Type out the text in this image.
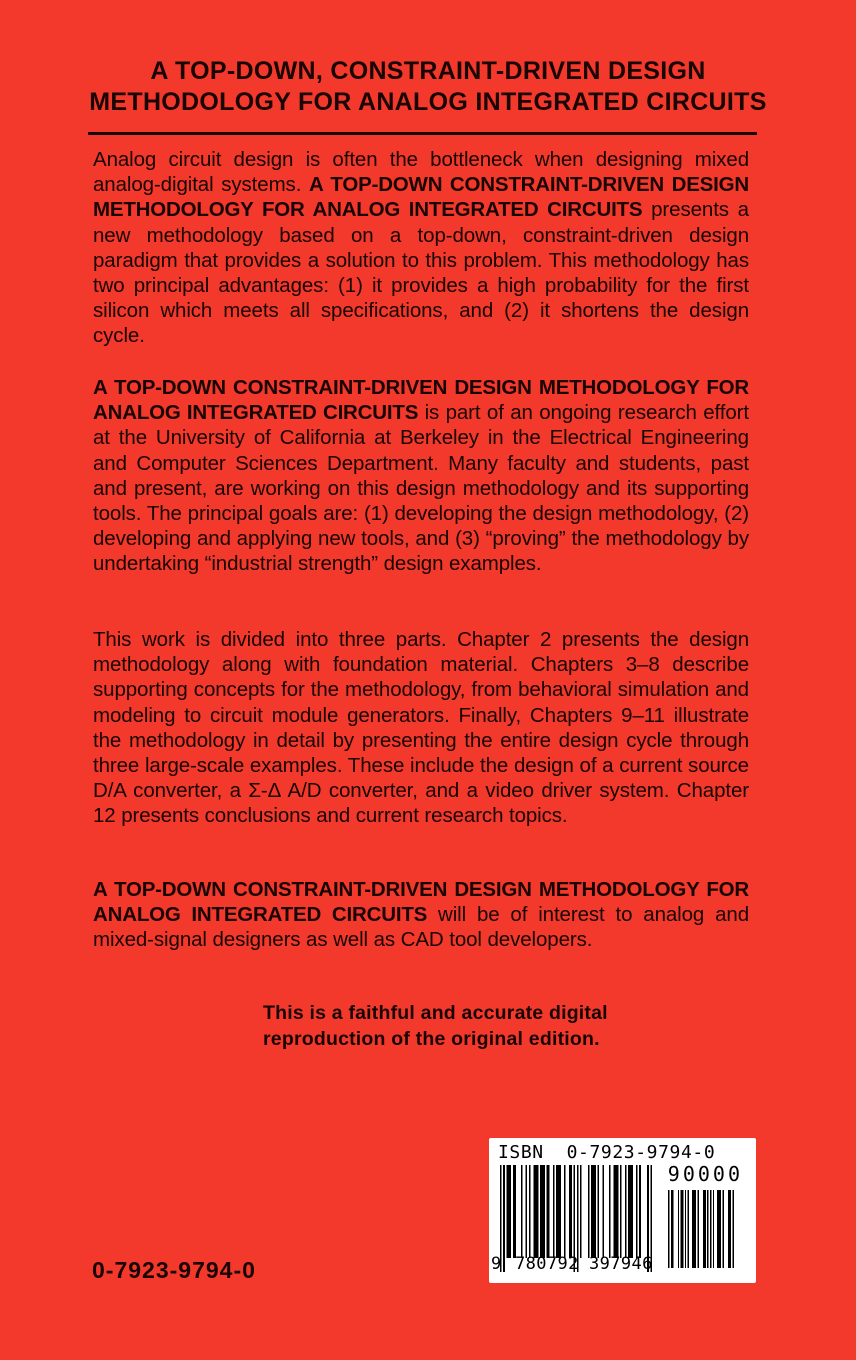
A TOP-DOWN, CONSTRAINT-DRIVEN DESIGN
METHODOLOGY FOR ANALOG INTEGRATED CIRCUITS
Analog circuit design is often the bottleneck when designing mixed analog-digital systems. A TOP-DOWN CONSTRAINT-DRIVEN DESIGN METHODOLOGY FOR ANALOG INTEGRATED CIRCUITS presents a new methodology based on a top-down, constraint-driven design paradigm that provides a solution to this problem. This methodology has two principal advantages: (1) it provides a high probability for the first silicon which meets all specifications, and (2) it shortens the design cycle.
A TOP-DOWN CONSTRAINT-DRIVEN DESIGN METHODOLOGY FOR ANALOG INTEGRATED CIRCUITS is part of an ongoing research effort at the University of California at Berkeley in the Electrical Engineering and Computer Sciences Department. Many faculty and students, past and present, are working on this design methodology and its supporting tools. The principal goals are: (1) developing the design methodology, (2) developing and applying new tools, and (3) “proving” the methodology by undertaking “industrial strength” design examples.
This work is divided into three parts. Chapter 2 presents the design methodology along with foundation material. Chapters 3–8 describe supporting concepts for the methodology, from behavioral simulation and modeling to circuit module generators. Finally, Chapters 9–11 illustrate the methodology in detail by presenting the entire design cycle through three large-scale examples. These include the design of a current source D/A converter, a Σ-Δ A/D converter, and a video driver system. Chapter 12 presents conclusions and current research topics.
A TOP-DOWN CONSTRAINT-DRIVEN DESIGN METHODOLOGY FOR ANALOG INTEGRATED CIRCUITS will be of interest to analog and mixed-signal designers as well as CAD tool developers.
This is a faithful and accurate digital
reproduction of the original edition.
ISBN  0-7923-9794-0
90000
9 780792 397946
0-7923-9794-0
